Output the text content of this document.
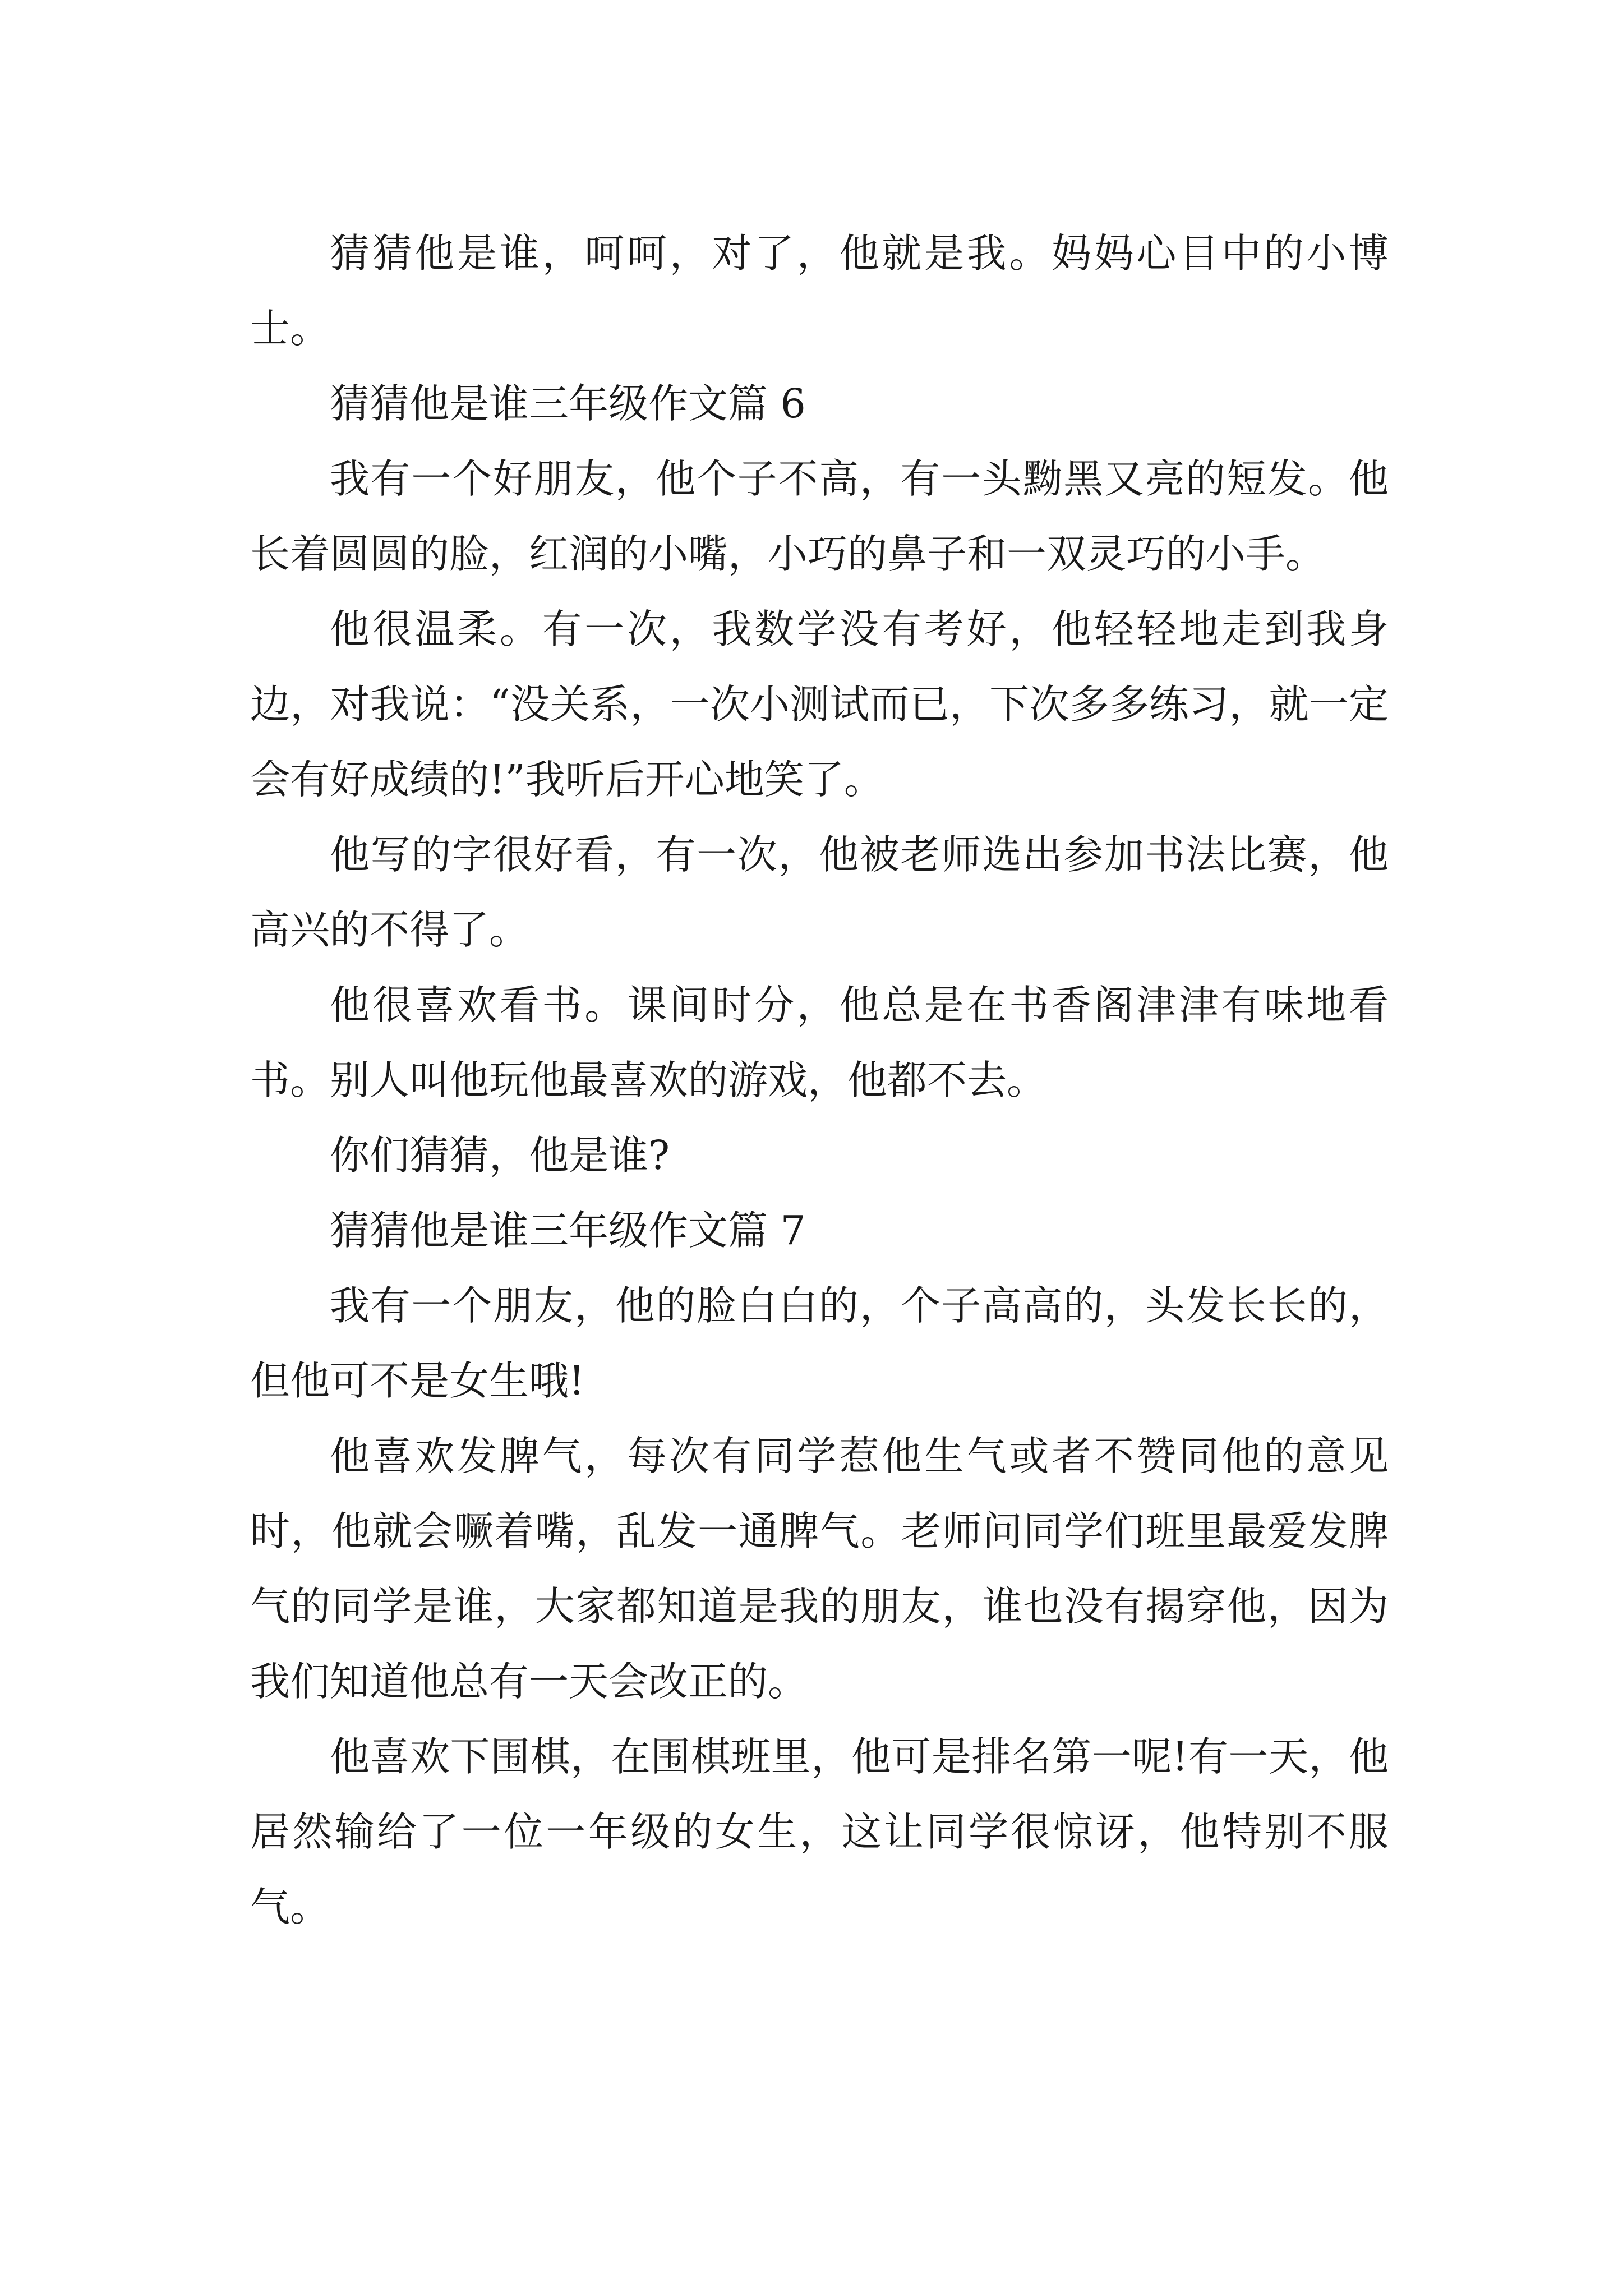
猜猜他是谁，呵呵，对了，他就是我。妈妈心目中的小博士。

猜猜他是谁三年级作文篇 6

我有一个好朋友，他个子不高，有一头黝黑又亮的短发。他长着圆圆的脸，红润的小嘴，小巧的鼻子和一双灵巧的小手。

他很温柔。有一次，我数学没有考好，他轻轻地走到我身边，对我说：“没关系，一次小测试而已，下次多多练习，就一定会有好成绩的!”我听后开心地笑了。

他写的字很好看，有一次，他被老师选出参加书法比赛，他高兴的不得了。

他很喜欢看书。课间时分，他总是在书香阁津津有味地看书。别人叫他玩他最喜欢的游戏，他都不去。

你们猜猜，他是谁?

猜猜他是谁三年级作文篇 7

我有一个朋友，他的脸白白的，个子高高的，头发长长的，但他可不是女生哦!

他喜欢发脾气，每次有同学惹他生气或者不赞同他的意见时，他就会噘着嘴，乱发一通脾气。老师问同学们班里最爱发脾气的同学是谁，大家都知道是我的朋友，谁也没有揭穿他，因为我们知道他总有一天会改正的。

他喜欢下围棋，在围棋班里，他可是排名第一呢!有一天，他居然输给了一位一年级的女生，这让同学很惊讶，他特别不服气。
